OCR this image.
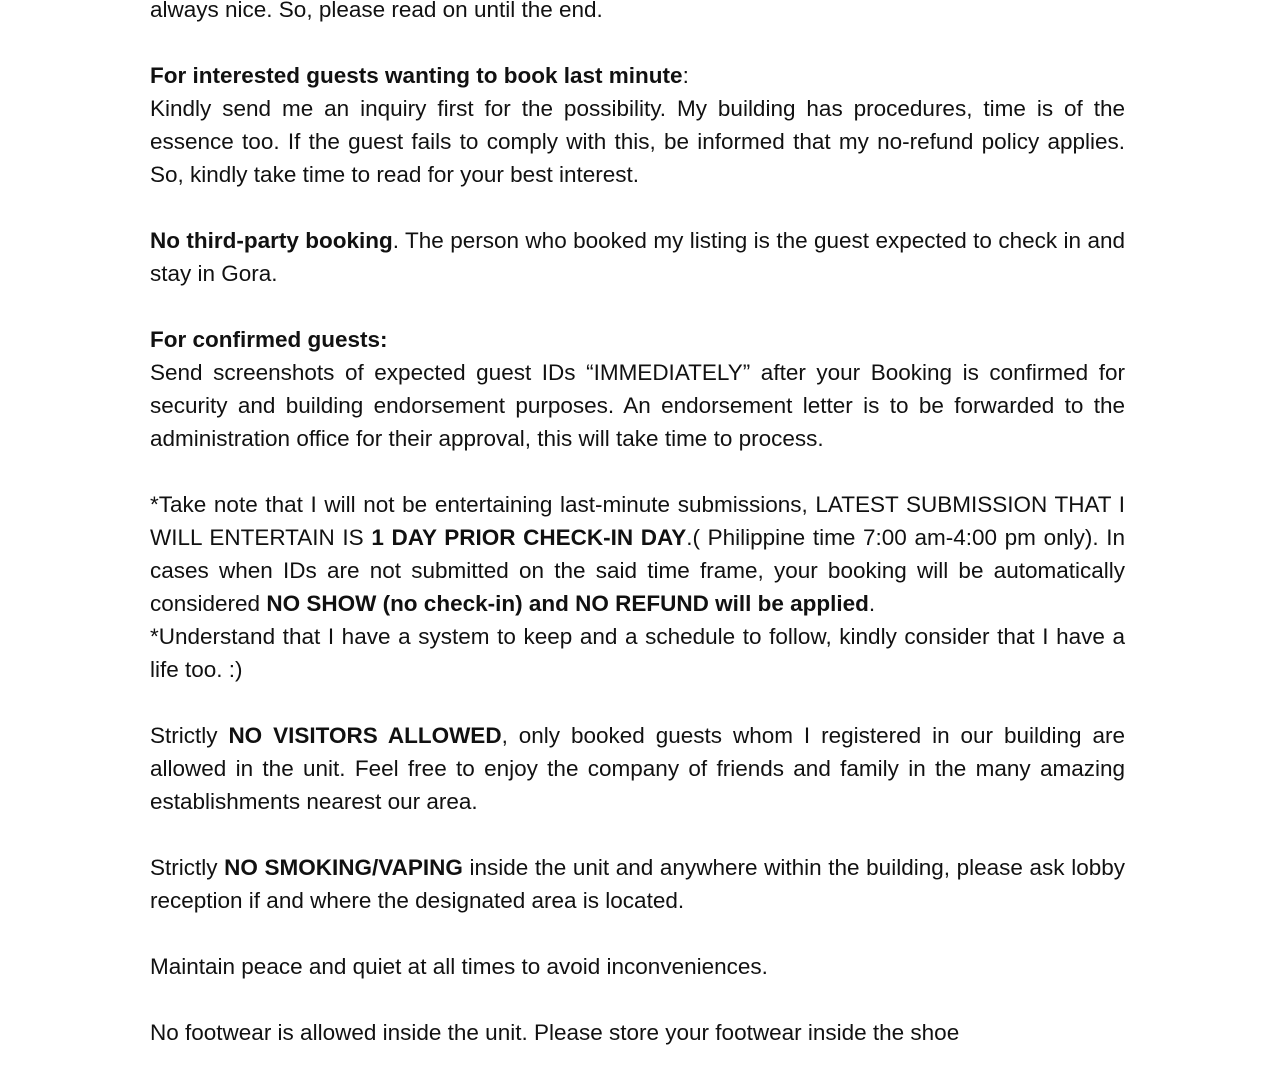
always nice. So, please read on until the end.

For interested guests wanting to book last minute:
Kindly send me an inquiry first for the possibility. My building has procedures, time is of the essence too. If the guest fails to comply with this, be informed that my no-refund policy applies. So, kindly take time to read for your best interest.

No third-party booking. The person who booked my listing is the guest expected to check in and stay in Gora.

For confirmed guests:
Send screenshots of expected guest IDs “IMMEDIATELY” after your Booking is confirmed for security and building endorsement purposes. An endorsement letter is to be forwarded to the administration office for their approval, this will take time to process.

*Take note that I will not be entertaining last-minute submissions, LATEST SUBMISSION THAT I WILL ENTERTAIN IS 1 DAY PRIOR CHECK-IN DAY.( Philippine time 7:00 am-4:00 pm only). In cases when IDs are not submitted on the said time frame, your booking will be automatically considered NO SHOW (no check-in) and NO REFUND will be applied.

*Understand that I have a system to keep and a schedule to follow, kindly consider that I have a life too. :)

Strictly NO VISITORS ALLOWED, only booked guests whom I registered in our building are allowed in the unit. Feel free to enjoy the company of friends and family in the many amazing establishments nearest our area.

Strictly NO SMOKING/VAPING inside the unit and anywhere within the building, please ask lobby reception if and where the designated area is located.

Maintain peace and quiet at all times to avoid inconveniences.

No footwear is allowed inside the unit. Please store your footwear inside the shoe
